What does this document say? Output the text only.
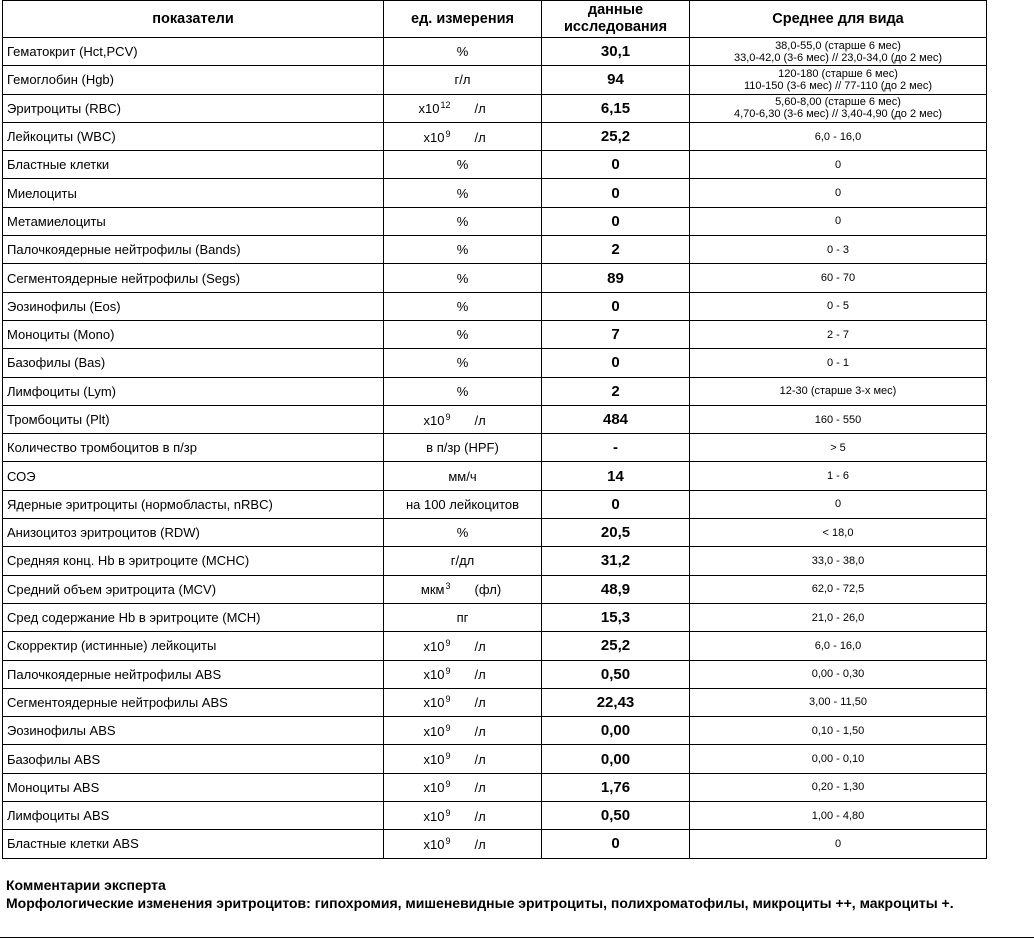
показатели	ед. измерения	данные исследования	Среднее для вида
Гематокрит (Hct,PCV)	%	30,1	38,0-55,0 (старше 6 мес)
33,0-42,0 (3-6 мес) // 23,0-34,0 (до 2 мес)

Гемоглобин (Hgb)	г/л	94	120-180 (старше 6 мес)
110-150 (3-6 мес) // 77-110 (до 2 мес)

Эритроциты (RBC)	$x10^{12}$ /л	6,15	5,60-8,00 (старше 6 мес)
4,70-6,30 (3-6 мес) // 3,40-4,90 (до 2 мес)

Лейкоциты (WBC)	$x10^9$ /л	25,2	6,0 - 16,0

Бластные клетки	%	0	0

Миелоциты	%	0	0

Метамиелоциты	%	0	0

Палочкоядерные нейтрофилы (Bands)	%	2	0 - 3

Сегментоядерные нейтрофилы (Segs)	%	89	60 - 70

Эозинофилы (Eos)	%	0	0 - 5

Моноциты (Mono)	%	7	2 - 7

Базофилы (Bas)	%	0	0 - 1

Лимфоциты (Lym)	%	2	12-30 (старше 3-х мес)

Тромбоциты (Plt)	$x10^9$ /л	484	160 - 550

Количество тромбоцитов в п/зр	в п/зр (HPF)	-	> 5

СОЭ	мм/ч	14	1 - 6

Ядерные эритроциты (нормобласты, nRBC)	на 100 лейкоцитов	0	0

Анизоцитоз эритроцитов (RDW)	%	20,5	< 18,0

Средняя конц. Hb в эритроците (MCHC)	г/дл	31,2	33,0 - 38,0

Средний объем эритроцита (MCV)	мкм$^3$ (фл)	48,9	62,0 - 72,5

Сред содержание Hb в эритроците (MCH)	пг	15,3	21,0 - 26,0

Скорректир (истинные) лейкоциты	$x10^9$ /л	25,2	6,0 - 16,0

Палочкоядерные нейтрофилы ABS	$x10^9$ /л	0,50	0,00 - 0,30

Сегментоядерные нейтрофилы ABS	$x10^9$ /л	22,43	3,00 - 11,50

Эозинофилы ABS	$x10^9$ /л	0,00	0,10 - 1,50

Базофилы ABS	$x10^9$ /л	0,00	0,00 - 0,10

Моноциты ABS	$x10^9$ /л	1,76	0,20 - 1,30

Лимфоциты ABS	$x10^9$ /л	0,50	1,00 - 4,80

Бластные клетки ABS	$x10^9$ /л	0	0
Комментарии эксперта
Морфологические изменения эритроцитов: гипохромия, мишеневидные эритроциты, полихроматофилы, микроциты ++, макроциты +.
